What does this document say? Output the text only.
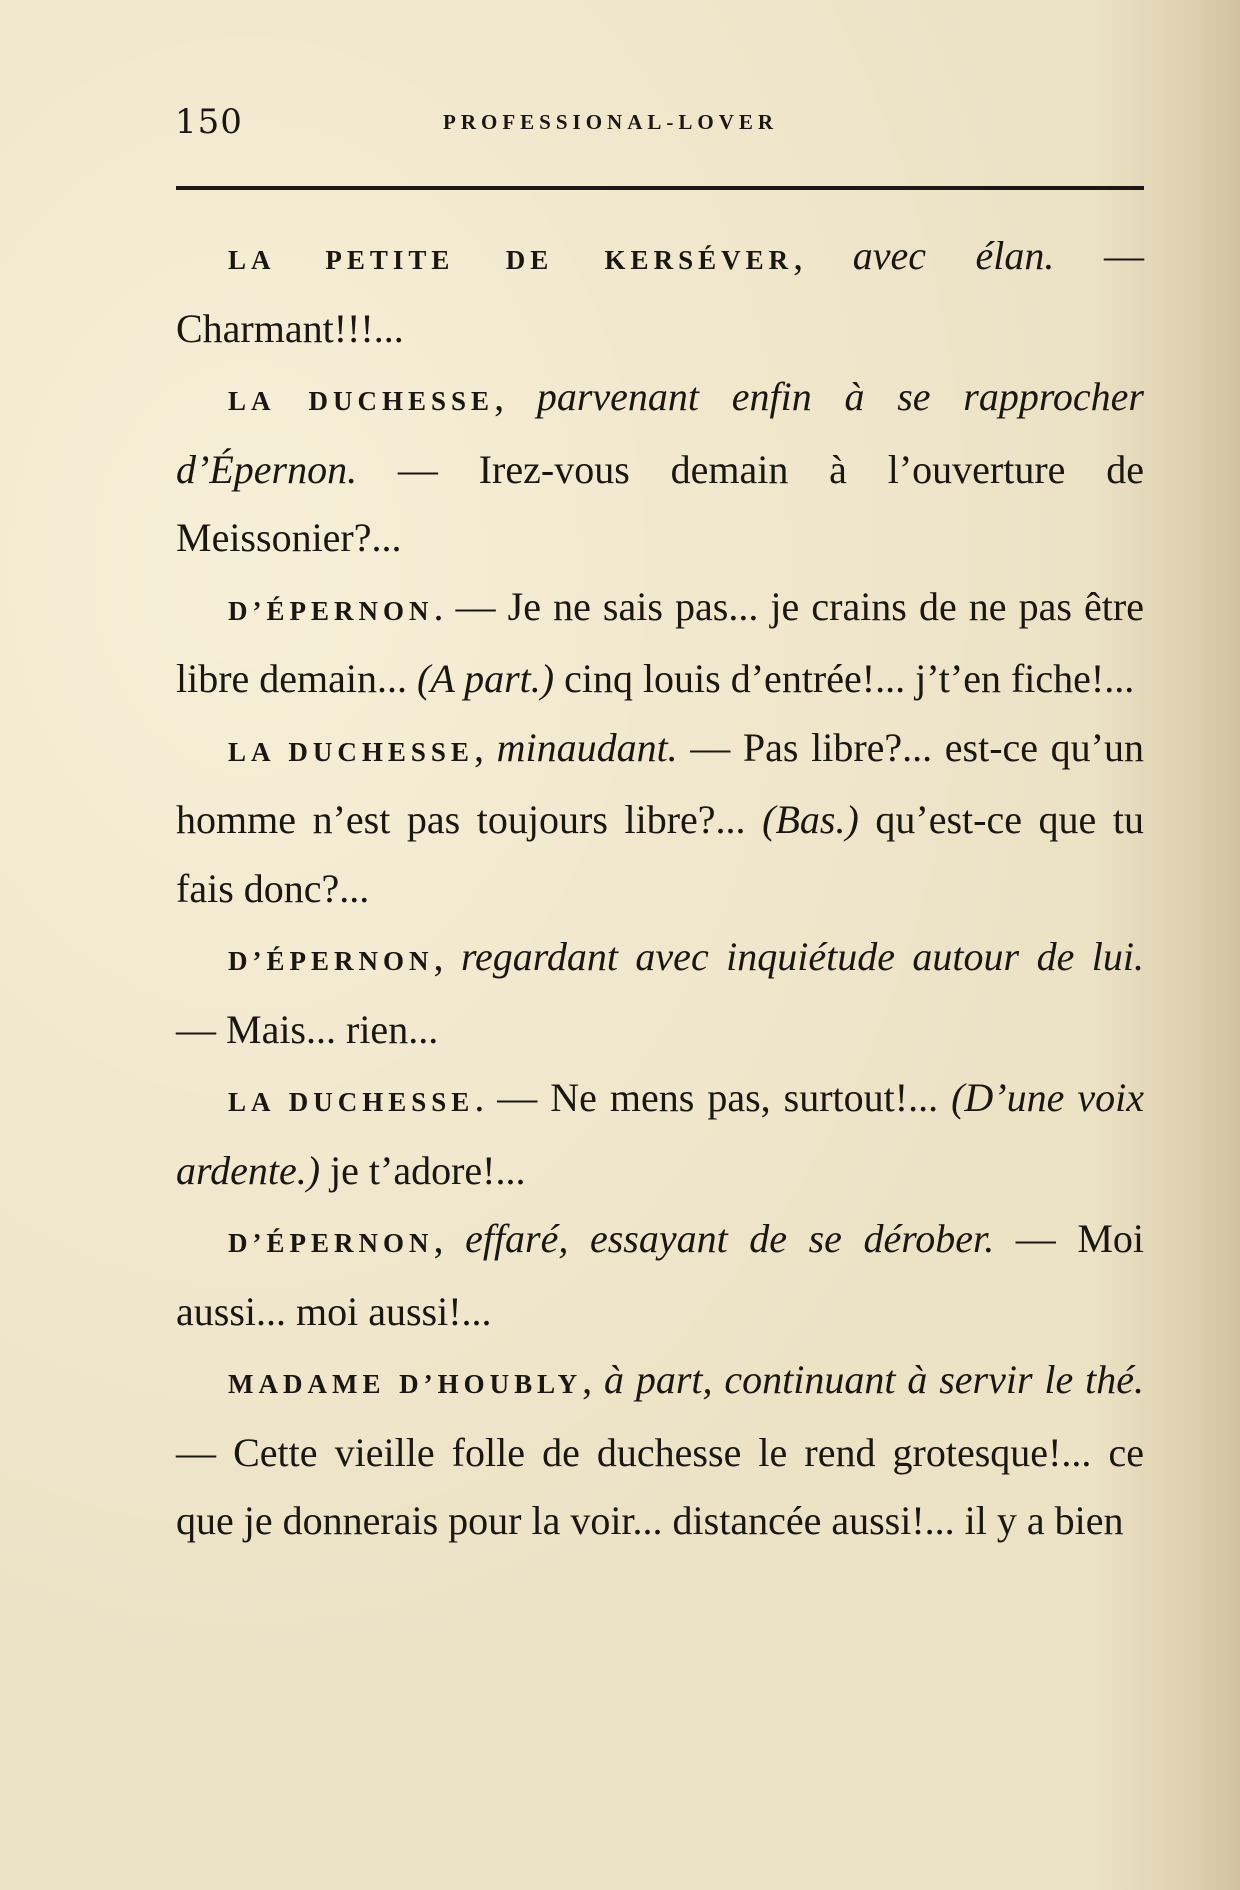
150	PROFESSIONAL-LOVER

LA PETITE DE KERSÉVER, avec élan. — Charmant!!!...

LA DUCHESSE, parvenant enfin à se rapprocher d’Épernon. — Irez-vous demain à l’ouverture de Meissonier?...

D’ÉPERNON. — Je ne sais pas... je crains de ne pas être libre demain... (A part.) cinq louis d’entrée!... j’t’en fiche!...

LA DUCHESSE, minaudant. — Pas libre?... est-ce qu’un homme n’est pas toujours libre?... (Bas.) qu’est-ce que tu fais donc?...

D’ÉPERNON, regardant avec inquiétude autour de lui. — Mais... rien...

LA DUCHESSE. — Ne mens pas, surtout!... (D’une voix ardente.) je t’adore!...

D’ÉPERNON, effaré, essayant de se dérober. — Moi aussi... moi aussi!...

MADAME D’HOUBLY, à part, continuant à servir le thé. — Cette vieille folle de duchesse le rend grotesque!... ce que je donnerais pour la voir... distancée aussi!... il y a bien
